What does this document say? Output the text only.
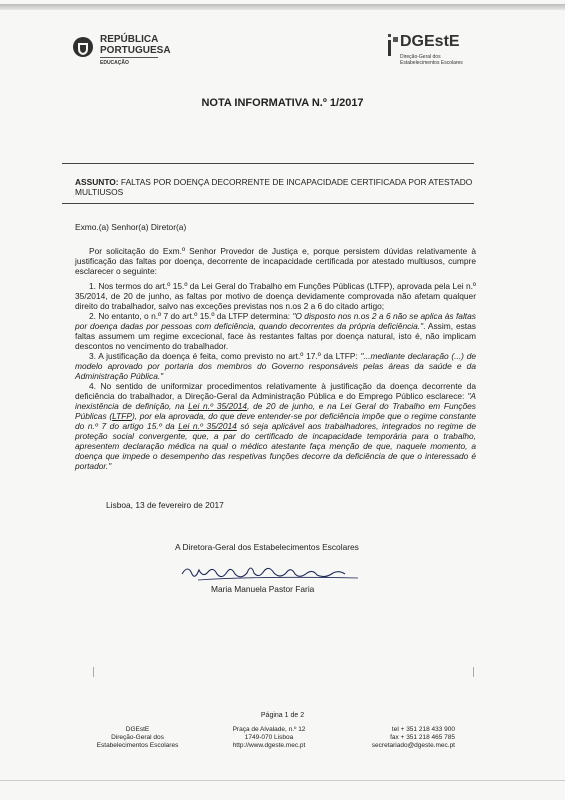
REPÚBLICA
PORTUGUESA
EDUCAÇÃO
DGEstE
Direção-Geral dos
Estabelecimentos Escolares
NOTA INFORMATIVA N.º 1/2017
ASSUNTO: FALTAS POR DOENÇA DECORRENTE DE INCAPACIDADE CERTIFICADA POR ATESTADO MULTIUSOS
Exmo.(a) Senhor(a) Diretor(a)

Por solicitação do Exm.º Senhor Provedor de Justiça e, porque persistem dúvidas relativamente à justificação das faltas por doença, decorrente de incapacidade certificada por atestado multiusos, cumpre esclarecer o seguinte:

1. Nos termos do art.º 15.º da Lei Geral do Trabalho em Funções Públicas (LTFP), aprovada pela Lei n.º 35/2014, de 20 de junho, as faltas por motivo de doença devidamente comprovada não afetam qualquer direito do trabalhador, salvo nas exceções previstas nos n.os 2 a 6 do citado artigo;

2. No entanto, o n.º 7 do art.º 15.º da LTFP determina: "O disposto nos n.os 2 a 6 não se aplica às faltas por doença dadas por pessoas com deficiência, quando decorrentes da própria deficiência.". Assim, estas faltas assumem um regime excecional, face às restantes faltas por doença natural, isto é, não implicam descontos no vencimento do trabalhador.

3. A justificação da doença é feita, como previsto no art.º 17.º da LTFP: "...mediante declaração (...) de modelo aprovado por portaria dos membros do Governo responsáveis pelas áreas da saúde e da Administração Pública."

4. No sentido de uniformizar procedimentos relativamente à justificação da doença decorrente da deficiência do trabalhador, a Direção-Geral da Administração Pública e do Emprego Público esclarece: "A inexistência de definição, na Lei n.º 35/2014, de 20 de junho, e na Lei Geral do Trabalho em Funções Públicas (LTFP), por ela aprovada, do que deve entender-se por deficiência impõe que o regime constante do n.º 7 do artigo 15.º da Lei n.º 35/2014 só seja aplicável aos trabalhadores, integrados no regime de proteção social convergente, que, a par do certificado de incapacidade temporária para o trabalho, apresentem declaração médica na qual o médico atestante faça menção de que, naquele momento, a doença que impede o desempenho das respetivas funções decorre da deficiência de que o interessado é portador."

Lisboa, 13 de fevereiro de 2017
A Diretora-Geral dos Estabelecimentos Escolares
Maria Manuela Pastor Faria
Página 1 de 2
DGEstE
Direção-Geral dos
Estabelecimentos Escolares
Praça de Alvalade, n.º 12
1749-070 Lisboa
http://www.dgeste.mec.pt
tel + 351 218 433 900
fax + 351 218 465 785
secretariado@dgeste.mec.pt
